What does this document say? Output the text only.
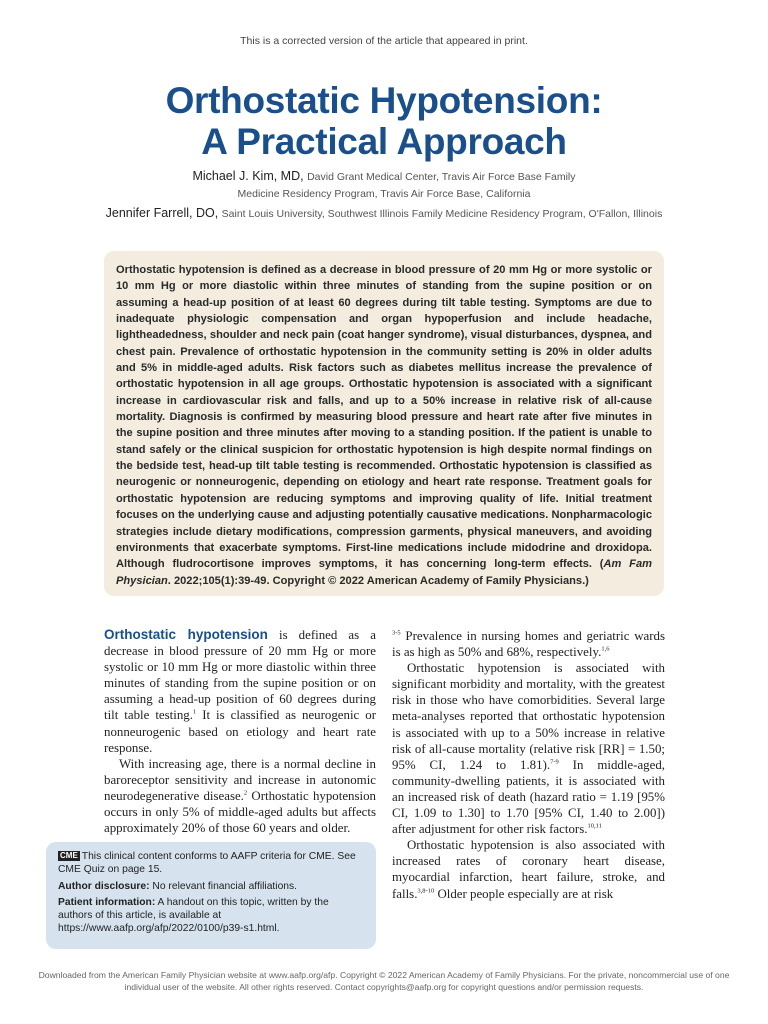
This is a corrected version of the article that appeared in print.
Orthostatic Hypotension:
A Practical Approach
Michael J. Kim, MD, David Grant Medical Center, Travis Air Force Base Family
Medicine Residency Program, Travis Air Force Base, California
Jennifer Farrell, DO, Saint Louis University, Southwest Illinois Family Medicine Residency Program, O'Fallon, Illinois

Orthostatic hypotension is defined as a decrease in blood pressure of 20 mm Hg or more systolic or 10 mm Hg or more diastolic within three minutes of standing from the supine position or on assuming a head-up position of at least 60 degrees during tilt table testing. Symptoms are due to inadequate physiologic compensation and organ hypoperfusion and include headache, lightheadedness, shoulder and neck pain (coat hanger syndrome), visual disturbances, dyspnea, and chest pain. Prevalence of orthostatic hypotension in the community setting is 20% in older adults and 5% in middle-aged adults. Risk factors such as diabetes mellitus increase the prevalence of orthostatic hypotension in all age groups. Orthostatic hypotension is associated with a significant increase in cardiovascular risk and falls, and up to a 50% increase in relative risk of all-cause mortality. Diagnosis is confirmed by measuring blood pressure and heart rate after five minutes in the supine position and three minutes after moving to a standing position. If the patient is unable to stand safely or the clinical suspicion for orthostatic hypotension is high despite normal findings on the bedside test, head-up tilt table testing is recommended. Orthostatic hypotension is classified as neurogenic or nonneurogenic, depending on etiology and heart rate response. Treatment goals for orthostatic hypotension are reducing symptoms and improving quality of life. Initial treatment focuses on the underlying cause and adjusting potentially causative medications. Nonpharmacologic strategies include dietary modifications, compression garments, physical maneuvers, and avoiding environments that exacerbate symptoms. First-line medications include midodrine and droxidopa. Although fludrocortisone improves symptoms, it has concerning long-term effects. (Am Fam Physician. 2022;105(1):39-49. Copyright © 2022 American Academy of Family Physicians.)

Orthostatic hypotension is defined as a decrease in blood pressure of 20 mm Hg or more systolic or 10 mm Hg or more diastolic within three minutes of standing from the supine position or on assuming a head-up position of 60 degrees during tilt table testing.$^1$ It is classified as neurogenic or nonneurogenic based on etiology and heart rate response.

With increasing age, there is a normal decline in baroreceptor sensitivity and increase in autonomic neurodegenerative disease.$^2$ Orthostatic hypotension occurs in only 5% of middle-aged adults but affects approximately 20% of those 60 years and older.

$^{3-5}$ Prevalence in nursing homes and geriatric wards is as high as 50% and 68%, respectively.$^{1,6}$

Orthostatic hypotension is associated with significant morbidity and mortality, with the greatest risk in those who have comorbidities. Several large meta-analyses reported that orthostatic hypotension is associated with up to a 50% increase in relative risk of all-cause mortality (relative risk [RR] = 1.50; 95% CI, 1.24 to 1.81).$^{7-9}$ In middle-aged, community-dwelling patients, it is associated with an increased risk of death (hazard ratio = 1.19 [95% CI, 1.09 to 1.30] to 1.70 [95% CI, 1.40 to 2.00]) after adjustment for other risk factors.$^{10,11}$

Orthostatic hypotension is also associated with increased rates of coronary heart disease, myocardial infarction, heart failure, stroke, and falls.$^{3,8-10}$ Older people especially are at risk

CME This clinical content conforms to AAFP criteria for CME. See CME Quiz on page 15.

Author disclosure: No relevant financial affiliations.

Patient information: A handout on this topic, written by the authors of this article, is available at https://www.aafp.org/afp/2022/0100/p39-s1.html.

Downloaded from the American Family Physician website at www.aafp.org/afp. Copyright © 2022 American Academy of Family Physicians. For the private, noncommercial use of one individual user of the website. All other rights reserved. Contact copyrights@aafp.org for copyright questions and/or permission requests.
